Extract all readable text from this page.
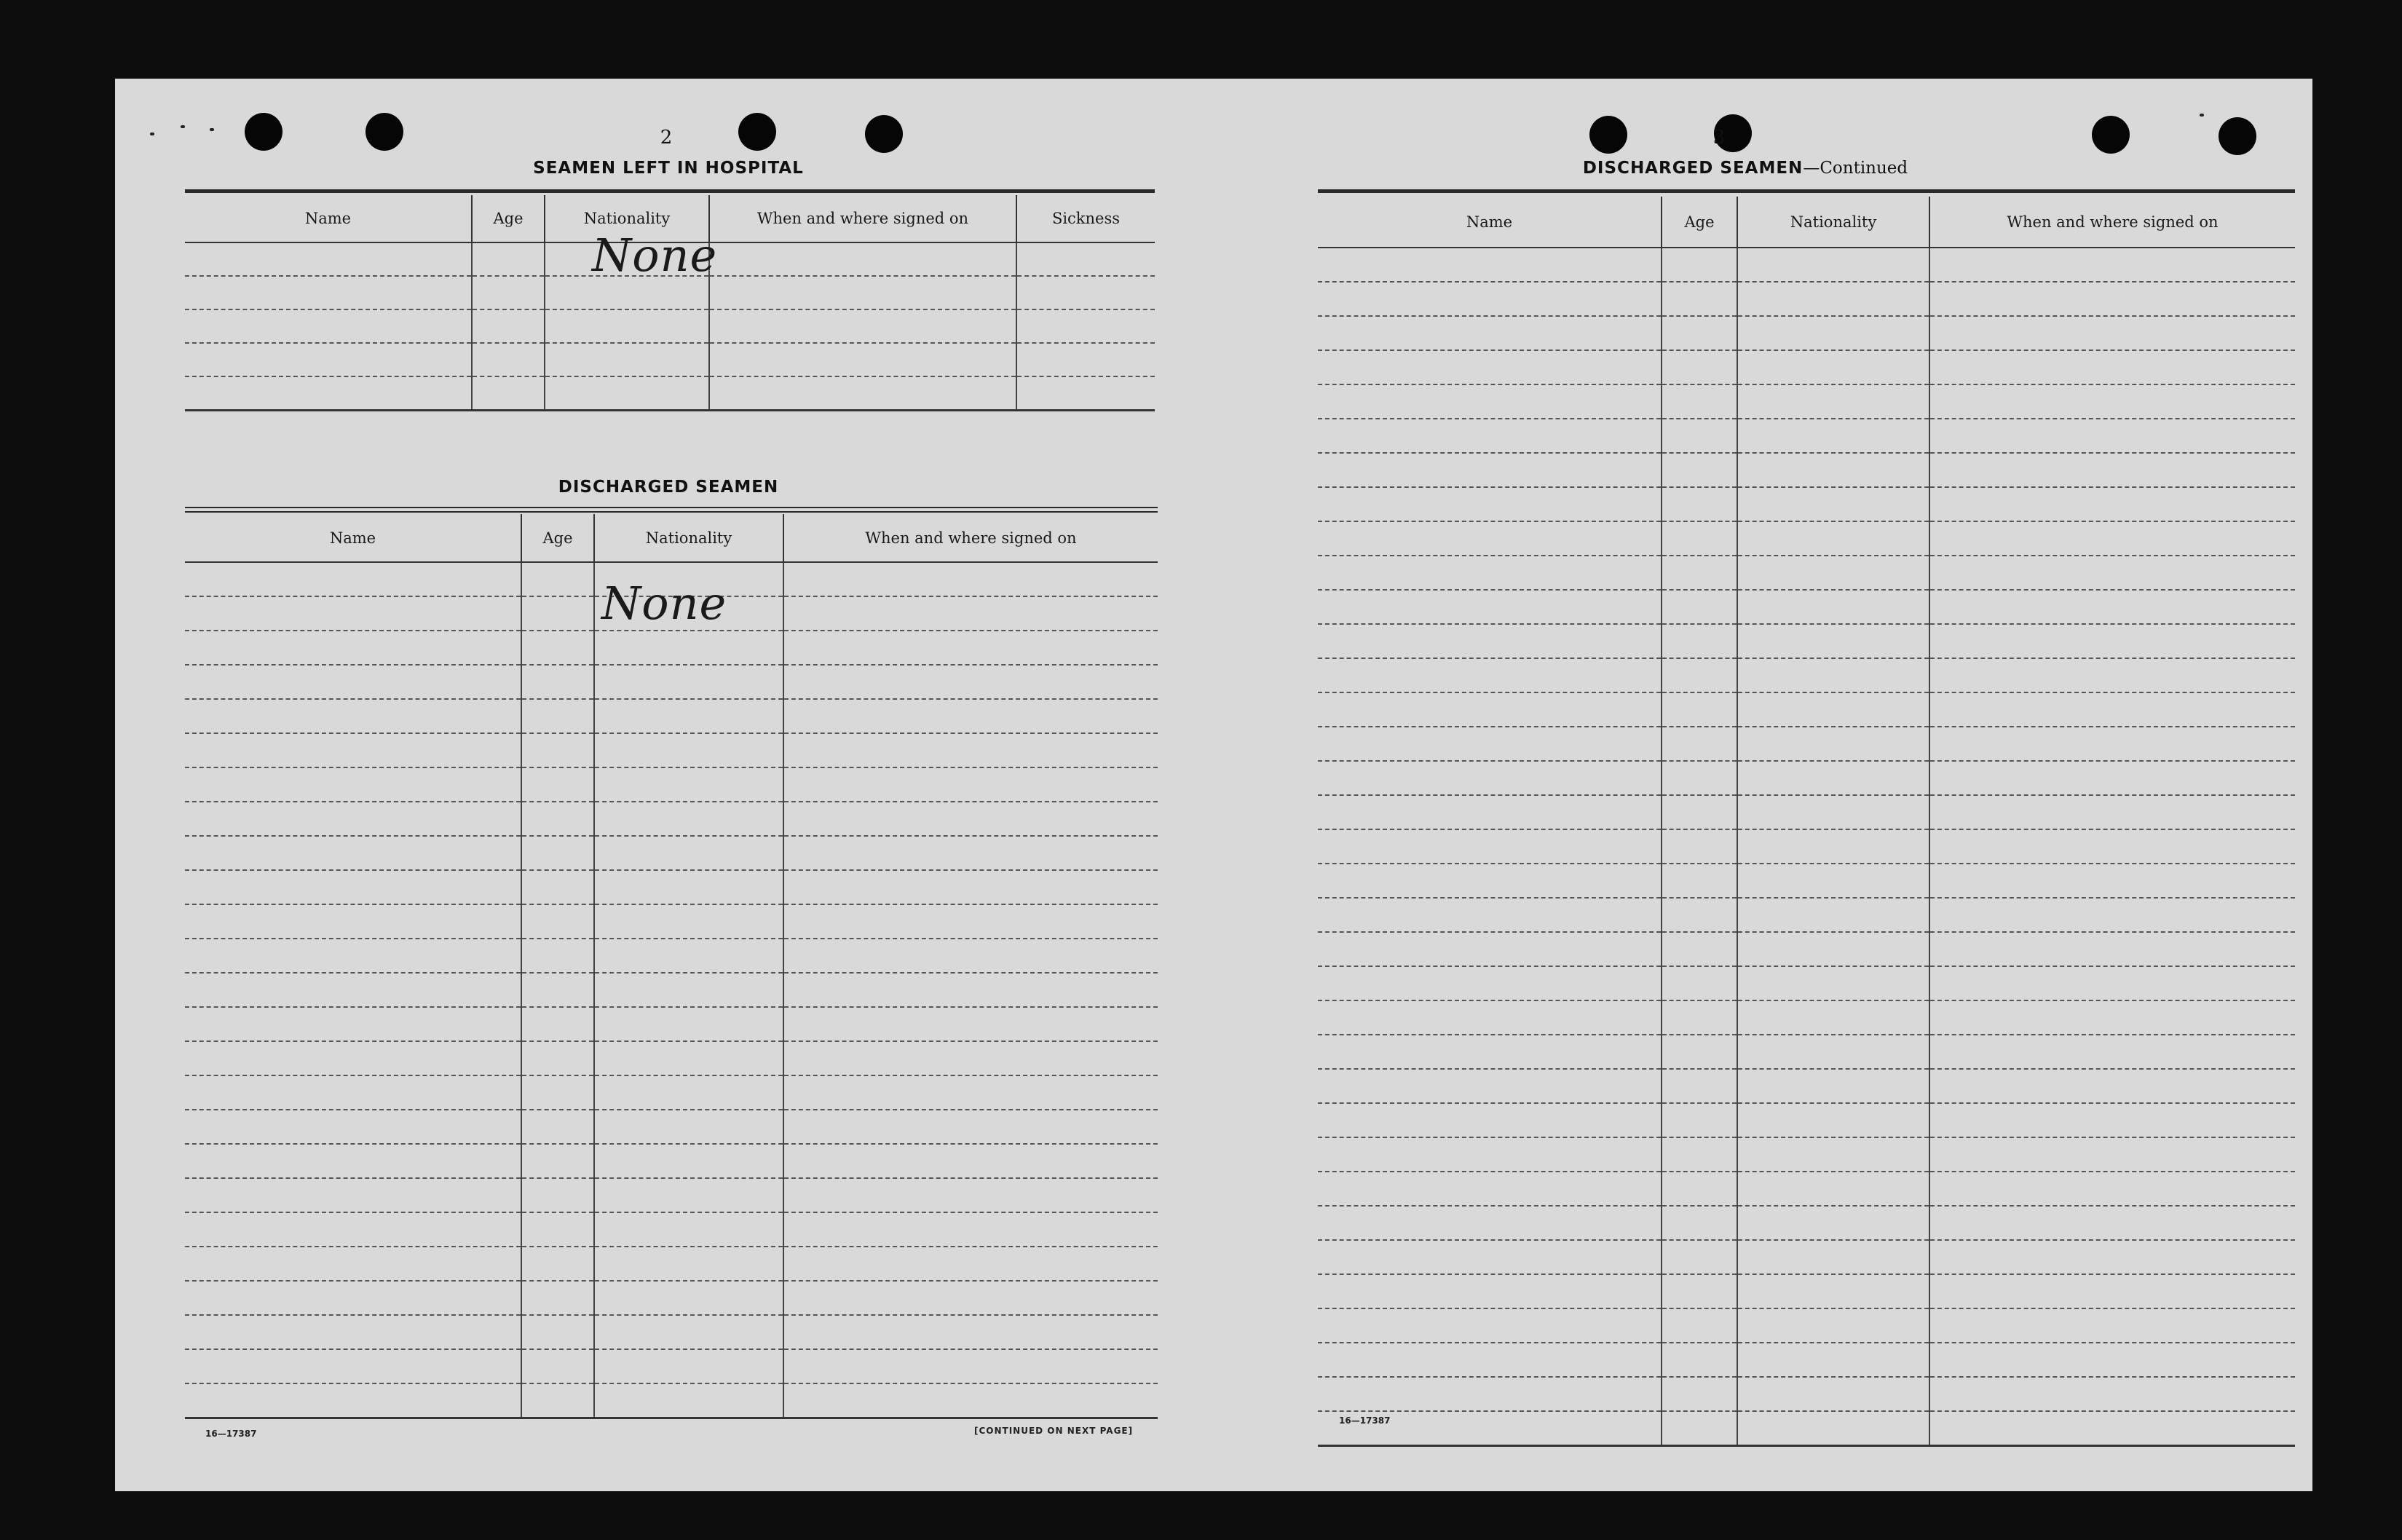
2
SEAMEN LEFT IN HOSPITAL
Name	Age	Nationality	When and where signed on	Sickness

None
DISCHARGED SEAMEN
Name	Age	Nationality	When and where signed on

None
16—17387	[CONTINUED ON NEXT PAGE]
3
DISCHARGED SEAMEN—Continued
Name	Age	Nationality	When and where signed on

16—17387
